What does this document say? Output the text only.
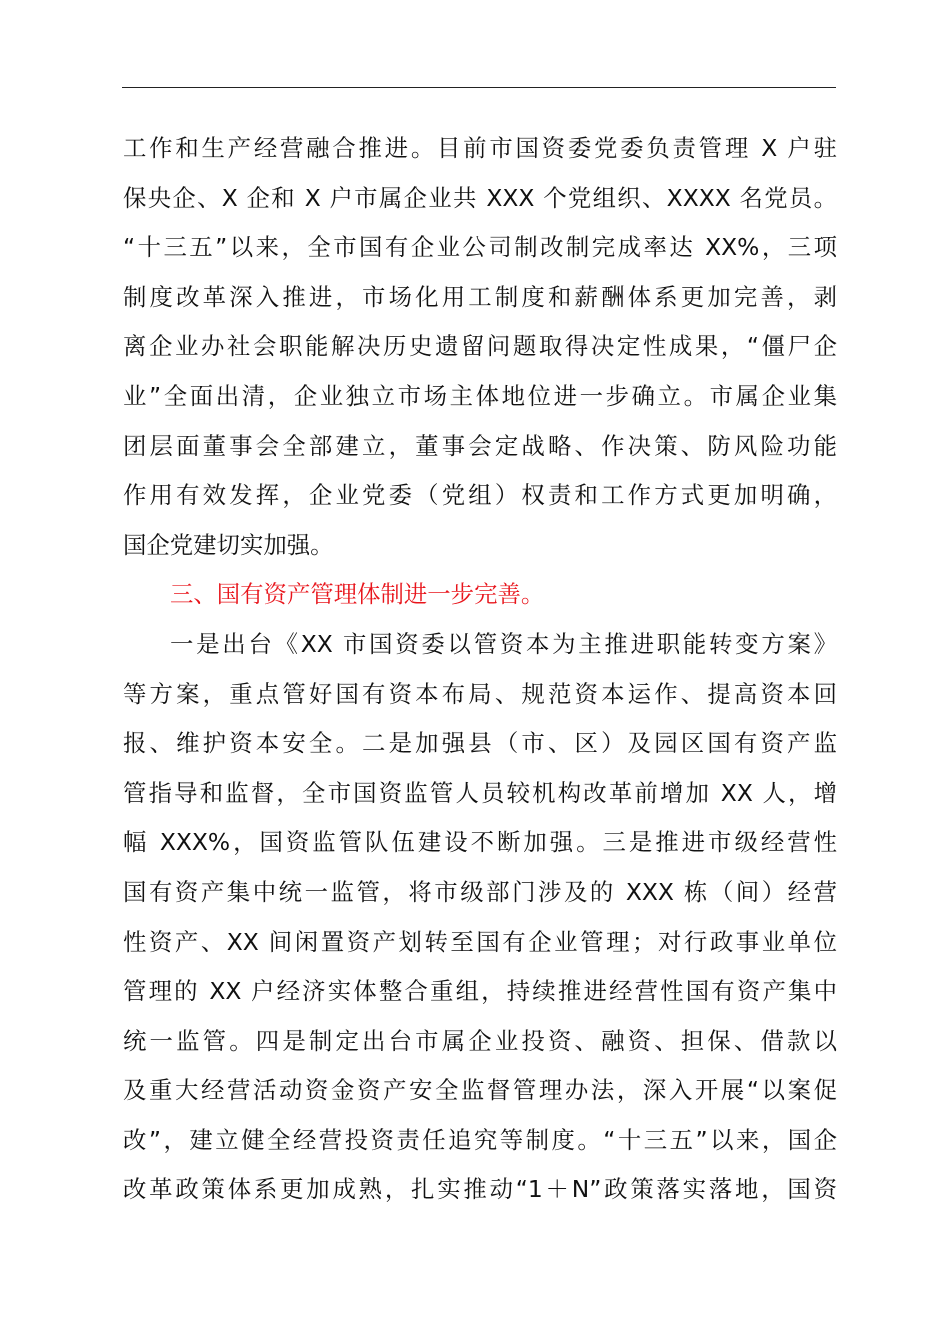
工作和生产经营融合推进。目前市国资委党委负责管理 X 户驻
保央企、X 企和 X 户市属企业共 XXX 个党组织、XXXX 名党员。
“十三五”以来，全市国有企业公司制改制完成率达 XX%，三项
制度改革深入推进，市场化用工制度和薪酬体系更加完善，剥
离企业办社会职能解决历史遗留问题取得决定性成果，“僵尸企
业”全面出清，企业独立市场主体地位进一步确立。市属企业集
团层面董事会全部建立，董事会定战略、作决策、防风险功能
作用有效发挥，企业党委（党组）权责和工作方式更加明确，
国企党建切实加强。
三、国有资产管理体制进一步完善。
一是出台《XX 市国资委以管资本为主推进职能转变方案》
等方案，重点管好国有资本布局、规范资本运作、提高资本回
报、维护资本安全。二是加强县（市、区）及园区国有资产监
管指导和监督，全市国资监管人员较机构改革前增加 XX 人，增
幅 XXX%，国资监管队伍建设不断加强。三是推进市级经营性
国有资产集中统一监管，将市级部门涉及的 XXX 栋（间）经营
性资产、XX 间闲置资产划转至国有企业管理；对行政事业单位
管理的 XX 户经济实体整合重组，持续推进经营性国有资产集中
统一监管。四是制定出台市属企业投资、融资、担保、借款以
及重大经营活动资金资产安全监督管理办法，深入开展“以案促
改”，建立健全经营投资责任追究等制度。“十三五”以来，国企
改革政策体系更加成熟，扎实推动“1＋N”政策落实落地，国资
